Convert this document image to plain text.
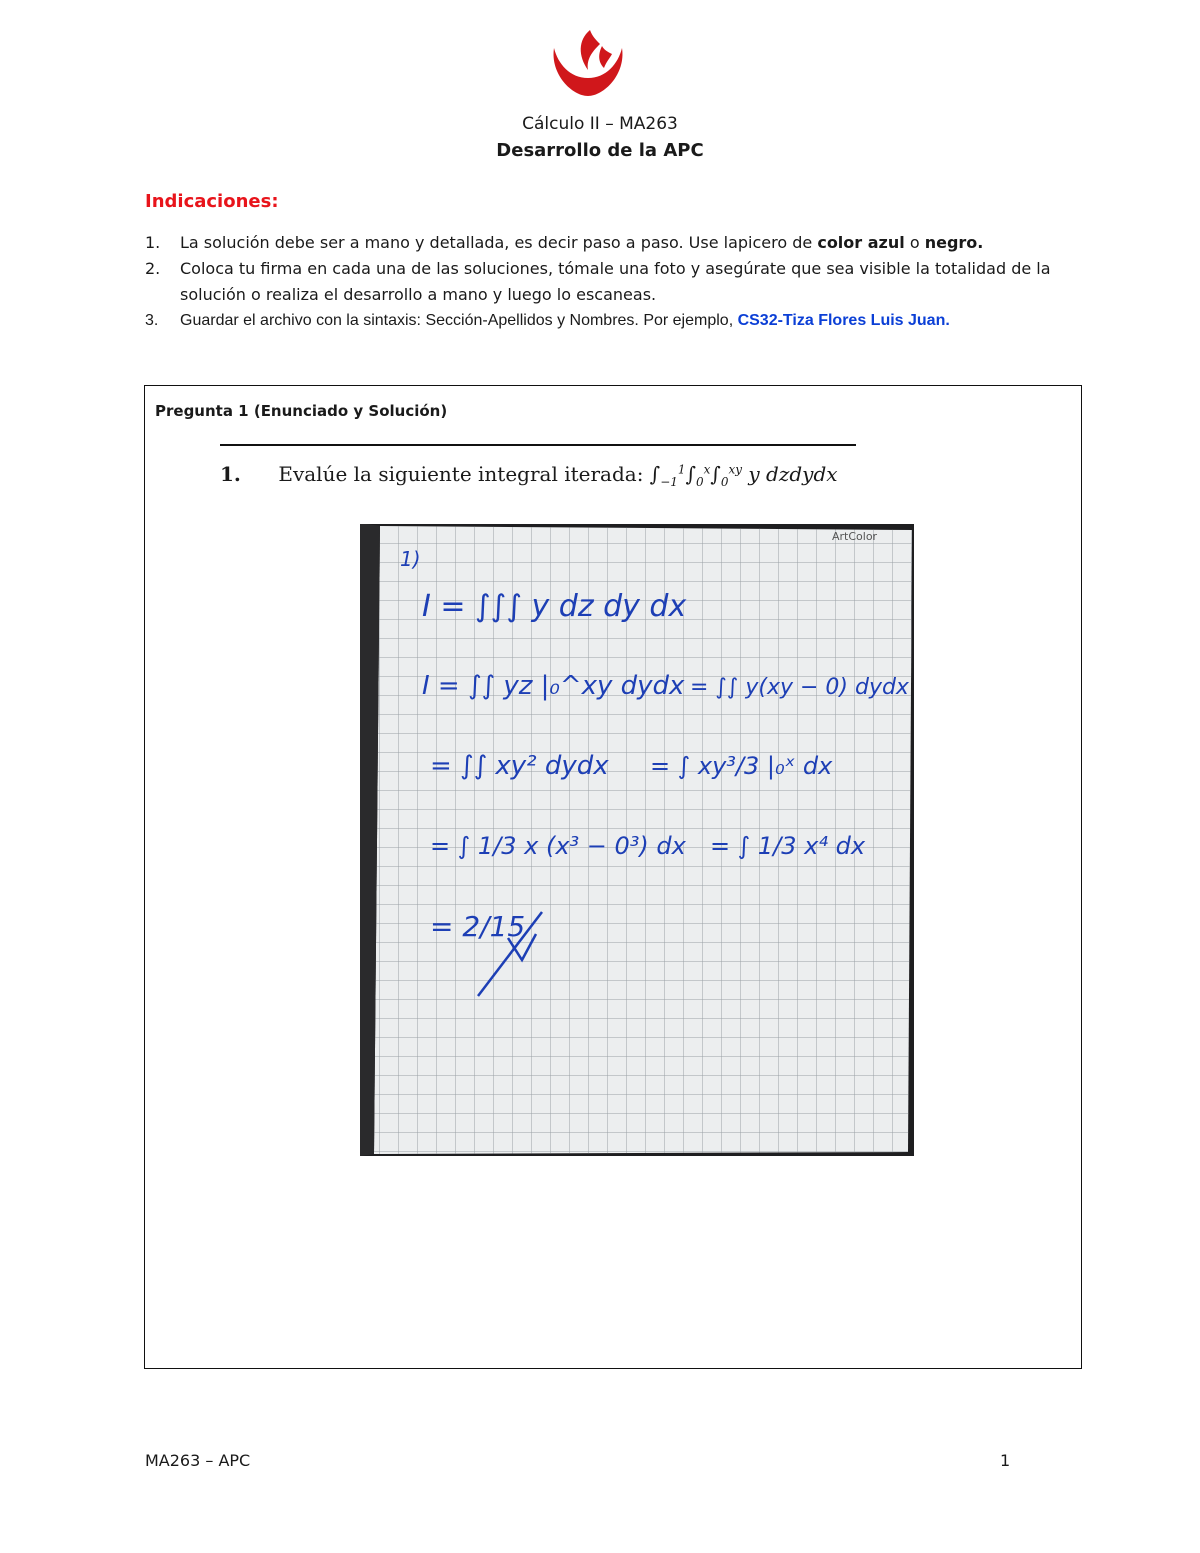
Cálculo II – MA263
Desarrollo de la APC
Indicaciones:
1. La solución debe ser a mano y detallada, es decir paso a paso. Use lapicero de color azul o negro.
2. Coloca tu firma en cada una de las soluciones, tómale una foto y asegúrate que sea visible la totalidad de la solución o realiza el desarrollo a mano y luego lo escaneas.
3. Guardar el archivo con la sintaxis: Sección-Apellidos y Nombres. Por ejemplo, CS32-Tiza Flores Luis Juan.
Pregunta 1 (Enunciado y Solución)
1. Evalúe la siguiente integral iterada: $\int_{-1}^1\int_0^x\int_0^{xy}$ y dzdydx
ArtColor
1)
I = ∫∫∫ y dz dy dx
I = ∫∫ yz |₀^xy dydx = ∫∫ y(xy − 0) dydx
= ∫∫ xy² dydx = ∫ xy³/3 |₀ˣ dx
= ∫ 1/3 x (x³ − 0³) dx = ∫ 1/3 x⁴ dx
= 2/15
MA263 – APC	1
